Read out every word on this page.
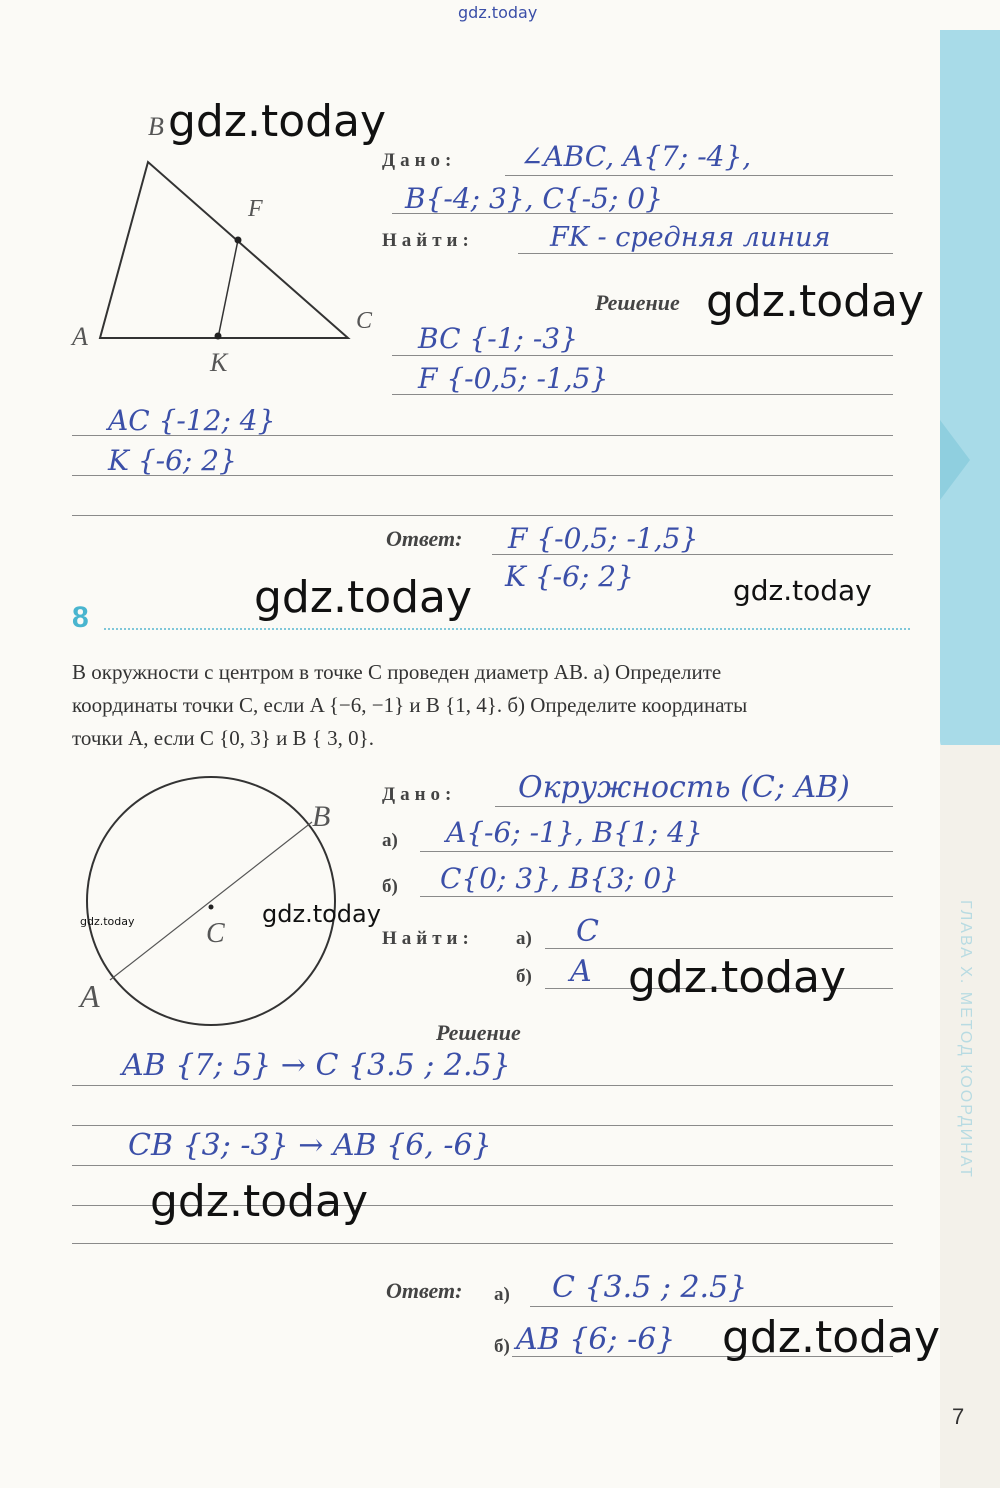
ГЛАВА X. МЕТОД КООРДИНАТ
gdz.today
B
F
A
C
K
gdz.today
Дано: ∠ABC, A{7; -4},
B{-4; 3}, C{-5; 0}
Найти:	FK - средняя линия
Решение gdz.today
BC {-1; -3}
F {-0,5; -1,5}
AC {-12; 4}
K {-6; 2}
Ответ: F {-0,5; -1,5}
K {-6; 2}
gdz.today	gdz.today
8
В окружности с центром в точке C проведен диаметр AB. а) Определите
координаты точки C, если A {−6, −1} и B {1, 4}. б) Определите координаты
точки A, если C {0, 3} и B { 3, 0}.
B
C
A
gdz.today	gdz.today
Дано: Окружность (C; AB)
а) A{-6; -1}, B{1; 4}
б) C{0; 3}, B{3; 0}
Найти: а) C
б) A gdz.today
Решение
AB {7; 5} → C {3.5 ; 2.5}
CB {3; -3} → AB {6, -6}
gdz.today
Ответ: а) C {3.5 ; 2.5}
б) AB {6; -6} gdz.today
7
